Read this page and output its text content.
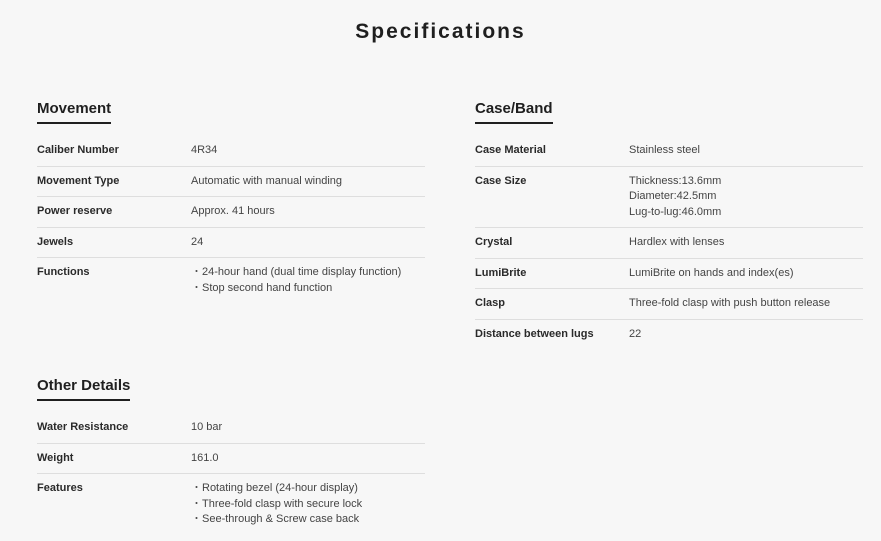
Specifications
Movement
Caliber Number	4R34
Movement Type	Automatic with manual winding
Power reserve	Approx. 41 hours
Jewels	24
Functions	・ 24-hour hand (dual time display function)
・ Stop second hand function
Case/Band
Case Material	Stainless steel
Case Size	Thickness:13.6mm
Diameter:42.5mm
Lug-to-lug:46.0mm
Crystal	Hardlex with lenses
LumiBrite	LumiBrite on hands and index(es)
Clasp	Three-fold clasp with push button release
Distance between lugs	22
Other Details
Water Resistance	10 bar
Weight	161.0
Features	・ Rotating bezel (24-hour display)
・ Three-fold clasp with secure lock
・ See-through & Screw case back
